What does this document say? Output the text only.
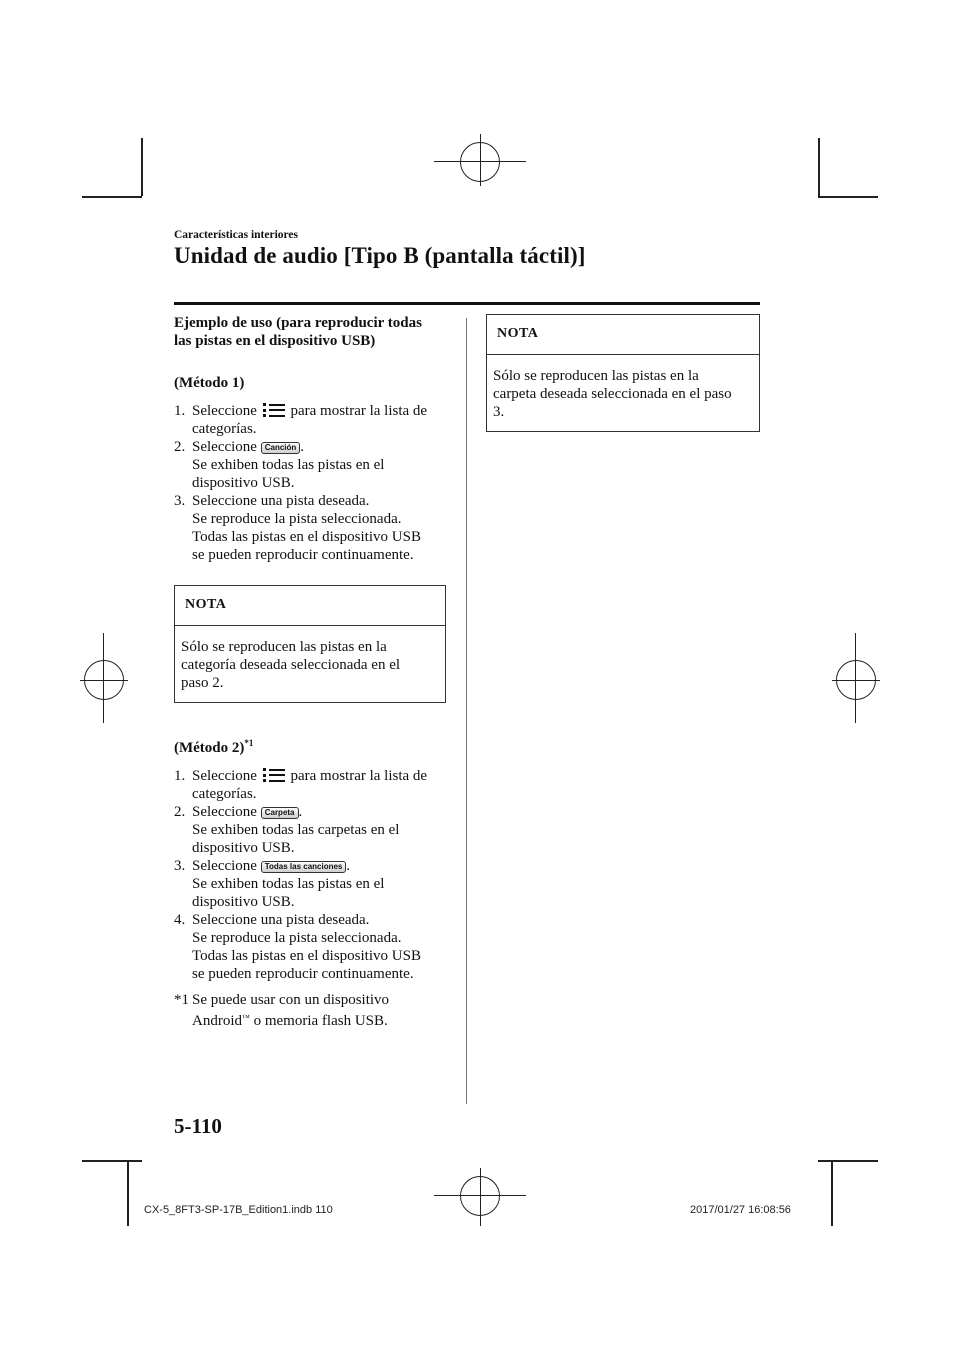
Características interiores
Unidad de audio [Tipo B (pantalla táctil)]

Ejemplo de uso (para reproducir todas
las pistas en el dispositivo USB)

(Método 1)

1. Seleccione para mostrar la lista de
categorías.
2. Seleccione Canción .
Se exhiben todas las pistas en el
dispositivo USB.
3. Seleccione una pista deseada.
Se reproduce la pista seleccionada.
Todas las pistas en el dispositivo USB
se pueden reproducir continuamente.
NOTA
Sólo se reproducen las pistas en la
categoría deseada seleccionada en el
paso 2.

(Método 2)$^{*1}$

1. Seleccione para mostrar la lista de
categorías.
2. Seleccione Carpeta .
Se exhiben todas las carpetas en el
dispositivo USB.
3. Seleccione Todas las canciones .
Se exhiben todas las pistas en el
dispositivo USB.
4. Seleccione una pista deseada.
Se reproduce la pista seleccionada.
Todas las pistas en el dispositivo USB
se pueden reproducir continuamente.
*1 Se puede usar con un dispositivo
Android™ o memoria flash USB.
NOTA
Sólo se reproducen las pistas en la
carpeta deseada seleccionada en el paso
3.
5-110
CX-5_8FT3-SP-17B_Edition1.indb 110	2017/01/27 16:08:56
